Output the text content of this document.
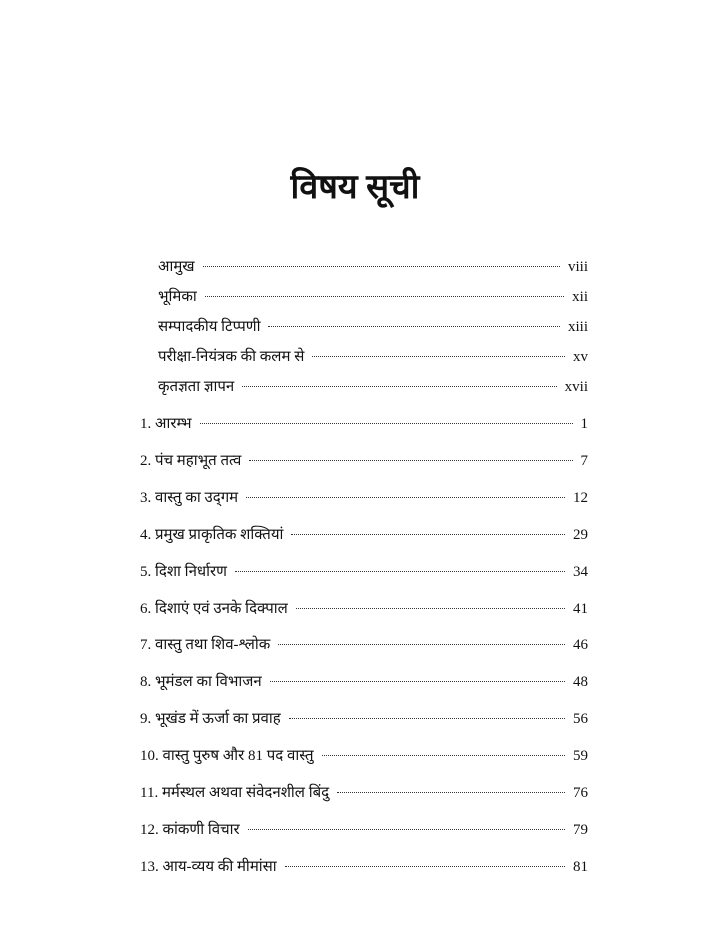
विषय सूची
आमुख	viii
भूमिका	xii
सम्पादकीय टिप्पणी	xiii
परीक्षा-नियंत्रक की कलम से	xv
कृतज्ञता ज्ञापन	xvii
1. आरम्भ	1
2. पंच महाभूत तत्व	7
3. वास्तु का उद्‌गम	12
4. प्रमुख प्राकृतिक शक्तियां	29
5. दिशा निर्धारण	34
6. दिशाएं एवं उनके दिक्पाल	41
7. वास्तु तथा शिव-श्लोक	46
8. भूमंडल का विभाजन	48
9. भूखंड में ऊर्जा का प्रवाह	56
10. वास्तु पुरुष और 81 पद वास्तु	59
11. मर्मस्थल अथवा संवेदनशील बिंदु	76
12. कांकणी विचार	79
13. आय-व्यय की मीमांसा	81
